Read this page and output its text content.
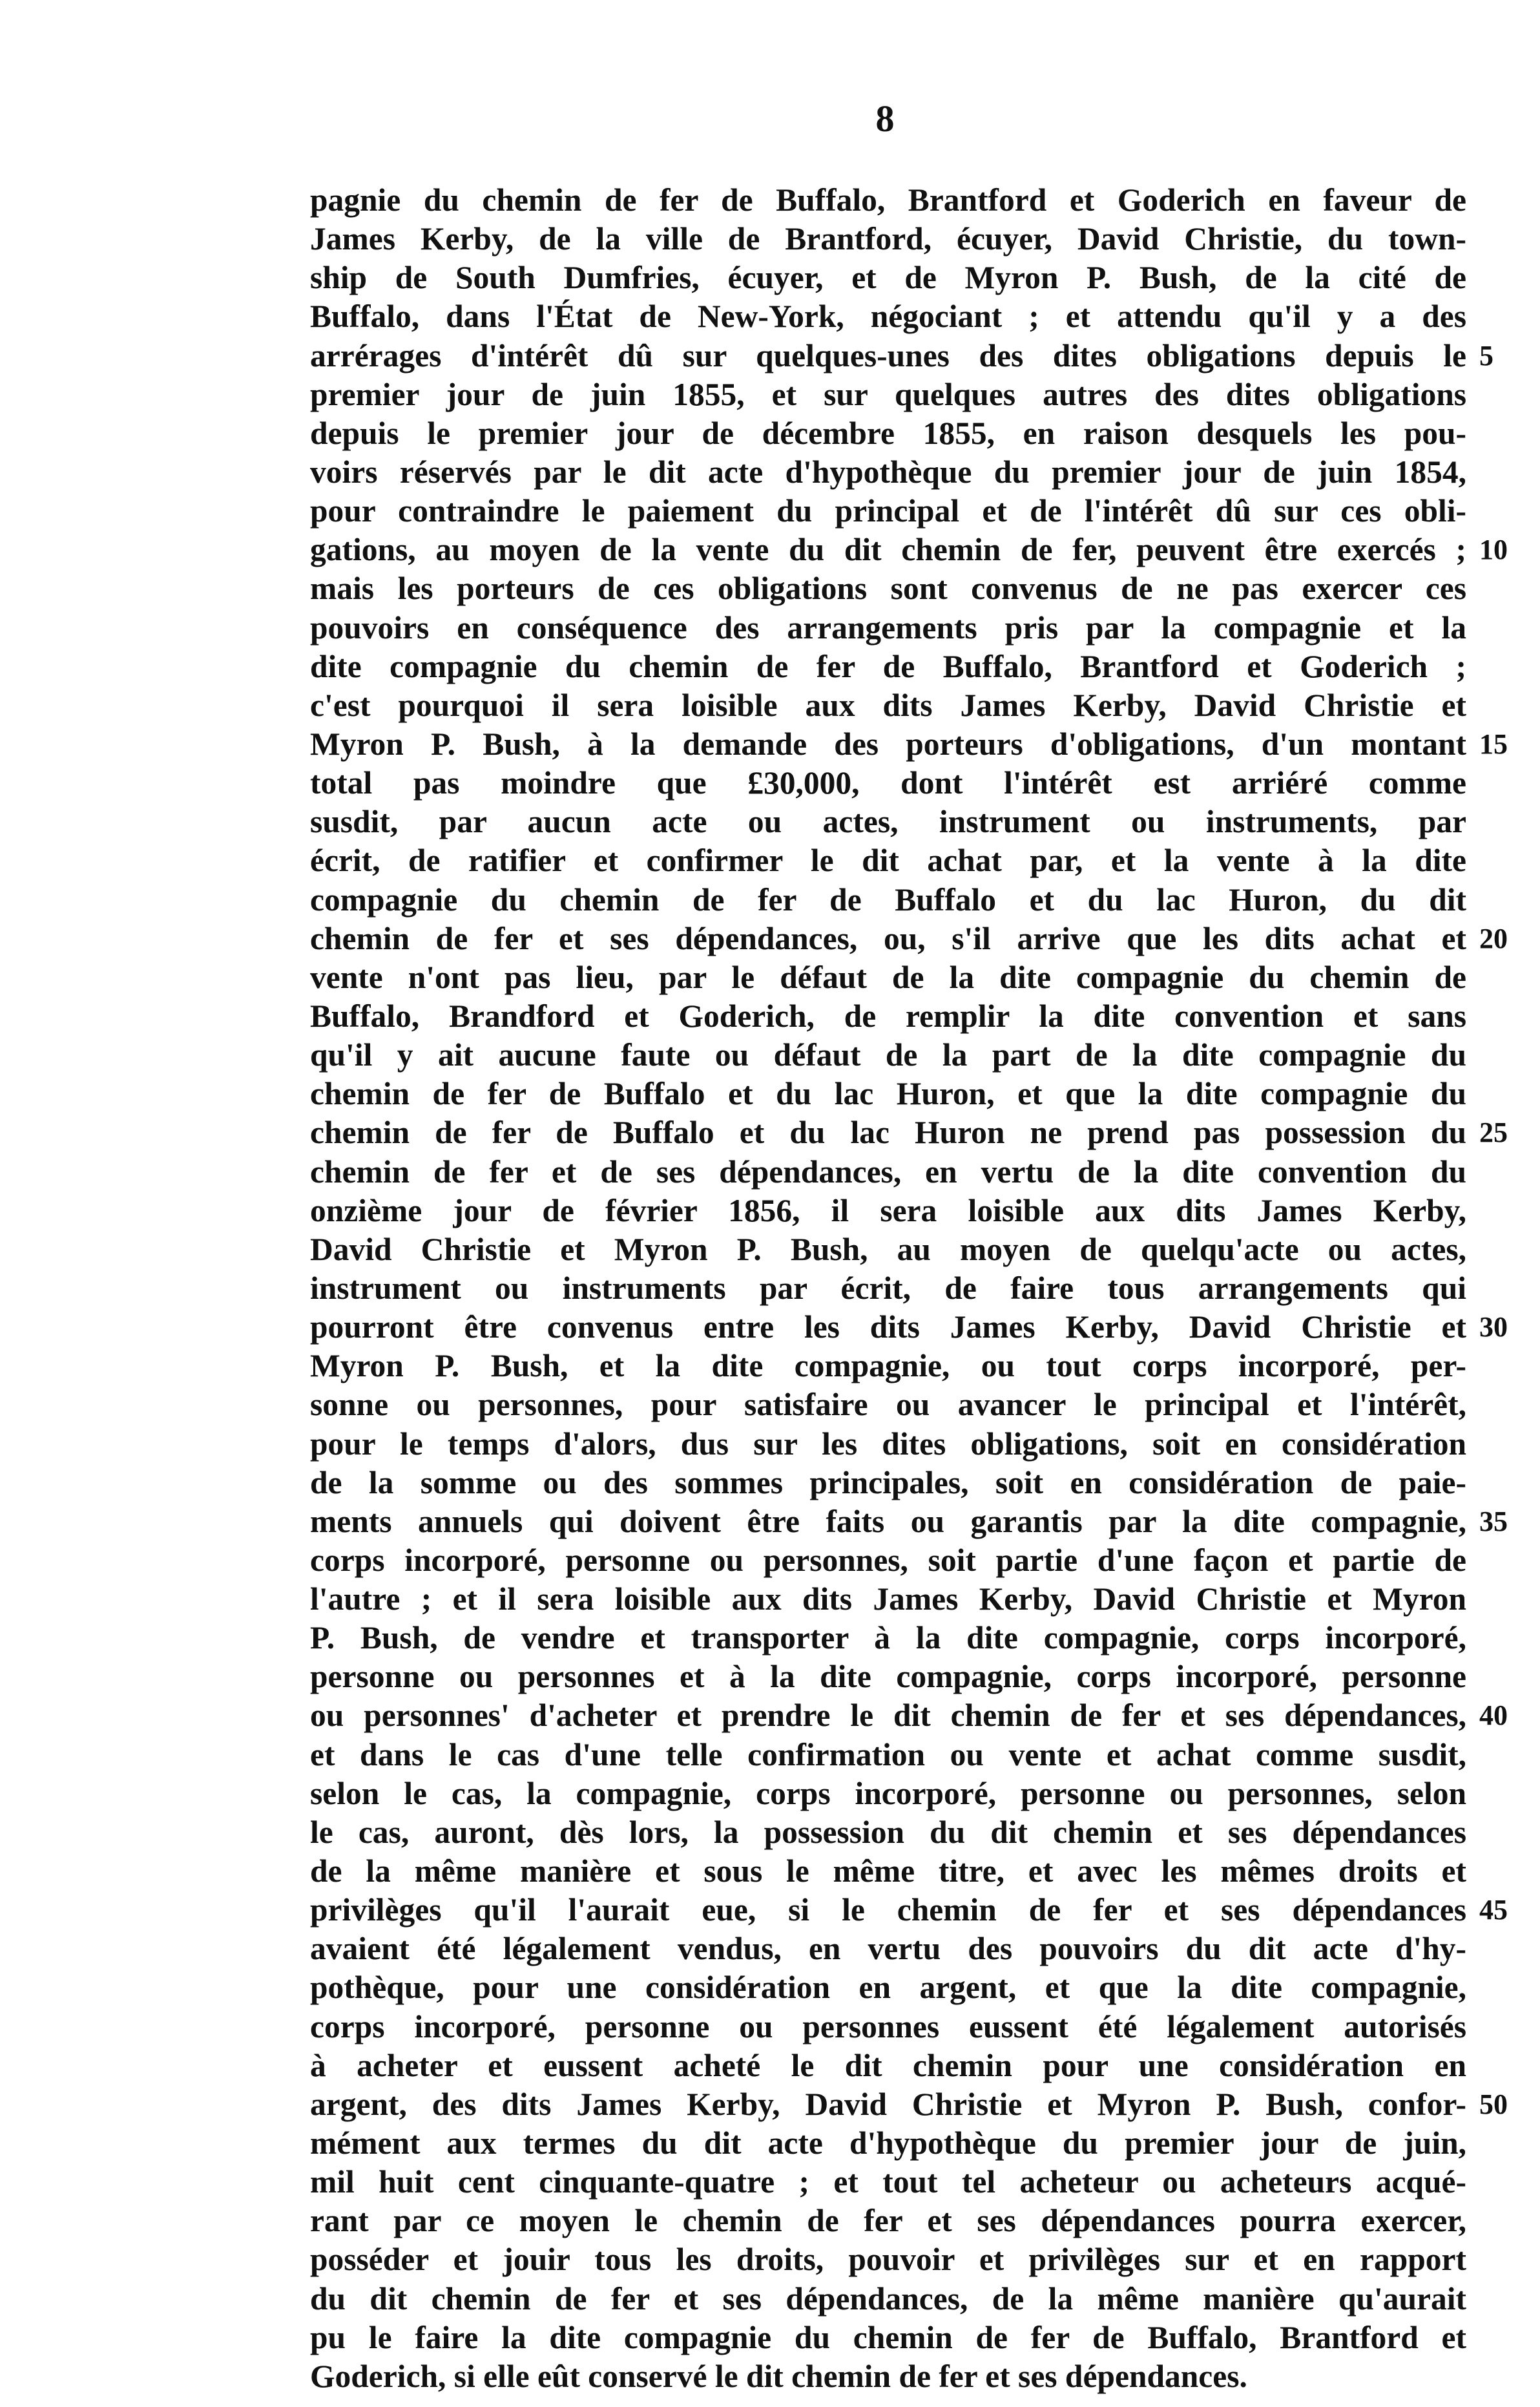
8
pagnie du chemin de fer de Buffalo, Brantford et Goderich en faveur de
James Kerby, de la ville de Brantford, écuyer, David Christie, du town-
ship de South Dumfries, écuyer, et de Myron P. Bush, de la cité de
Buffalo, dans l'État de New-York, négociant ; et attendu qu'il y a des
arrérages d'intérêt dû sur quelques-unes des dites obligations depuis le 5
premier jour de juin 1855, et sur quelques autres des dites obligations
depuis le premier jour de décembre 1855, en raison desquels les pou-
voirs réservés par le dit acte d'hypothèque du premier jour de juin 1854,
pour contraindre le paiement du principal et de l'intérêt dû sur ces obli-
gations, au moyen de la vente du dit chemin de fer, peuvent être exercés ; 10
mais les porteurs de ces obligations sont convenus de ne pas exercer ces
pouvoirs en conséquence des arrangements pris par la compagnie et la
dite compagnie du chemin de fer de Buffalo, Brantford et Goderich ;
c'est pourquoi il sera loisible aux dits James Kerby, David Christie et
Myron P. Bush, à la demande des porteurs d'obligations, d'un montant 15
total pas moindre que £30,000, dont l'intérêt est arriéré comme
susdit, par aucun acte ou actes, instrument ou instruments, par
écrit, de ratifier et confirmer le dit achat par, et la vente à la dite
compagnie du chemin de fer de Buffalo et du lac Huron, du dit
chemin de fer et ses dépendances, ou, s'il arrive que les dits achat et 20
vente n'ont pas lieu, par le défaut de la dite compagnie du chemin de
Buffalo, Brandford et Goderich, de remplir la dite convention et sans
qu'il y ait aucune faute ou défaut de la part de la dite compagnie du
chemin de fer de Buffalo et du lac Huron, et que la dite compagnie du
chemin de fer de Buffalo et du lac Huron ne prend pas possession du 25
chemin de fer et de ses dépendances, en vertu de la dite convention du
onzième jour de février 1856, il sera loisible aux dits James Kerby,
David Christie et Myron P. Bush, au moyen de quelqu'acte ou actes,
instrument ou instruments par écrit, de faire tous arrangements qui
pourront être convenus entre les dits James Kerby, David Christie et 30
Myron P. Bush, et la dite compagnie, ou tout corps incorporé, per-
sonne ou personnes, pour satisfaire ou avancer le principal et l'intérêt,
pour le temps d'alors, dus sur les dites obligations, soit en considération
de la somme ou des sommes principales, soit en considération de paie-
ments annuels qui doivent être faits ou garantis par la dite compagnie, 35
corps incorporé, personne ou personnes, soit partie d'une façon et partie de
l'autre ; et il sera loisible aux dits James Kerby, David Christie et Myron
P. Bush, de vendre et transporter à la dite compagnie, corps incorporé,
personne ou personnes et à la dite compagnie, corps incorporé, personne
ou personnes' d'acheter et prendre le dit chemin de fer et ses dépendances, 40
et dans le cas d'une telle confirmation ou vente et achat comme susdit,
selon le cas, la compagnie, corps incorporé, personne ou personnes, selon
le cas, auront, dès lors, la possession du dit chemin et ses dépendances
de la même manière et sous le même titre, et avec les mêmes droits et
privilèges qu'il l'aurait eue, si le chemin de fer et ses dépendances 45
avaient été légalement vendus, en vertu des pouvoirs du dit acte d'hy-
pothèque, pour une considération en argent, et que la dite compagnie,
corps incorporé, personne ou personnes eussent été légalement autorisés
à acheter et eussent acheté le dit chemin pour une considération en
argent, des dits James Kerby, David Christie et Myron P. Bush, confor- 50
mément aux termes du dit acte d'hypothèque du premier jour de juin,
mil huit cent cinquante-quatre ; et tout tel acheteur ou acheteurs acqué-
rant par ce moyen le chemin de fer et ses dépendances pourra exercer,
posséder et jouir tous les droits, pouvoir et privilèges sur et en rapport
du dit chemin de fer et ses dépendances, de la même manière qu'aurait
pu le faire la dite compagnie du chemin de fer de Buffalo, Brantford et
Goderich, si elle eût conservé le dit chemin de fer et ses dépendances.
